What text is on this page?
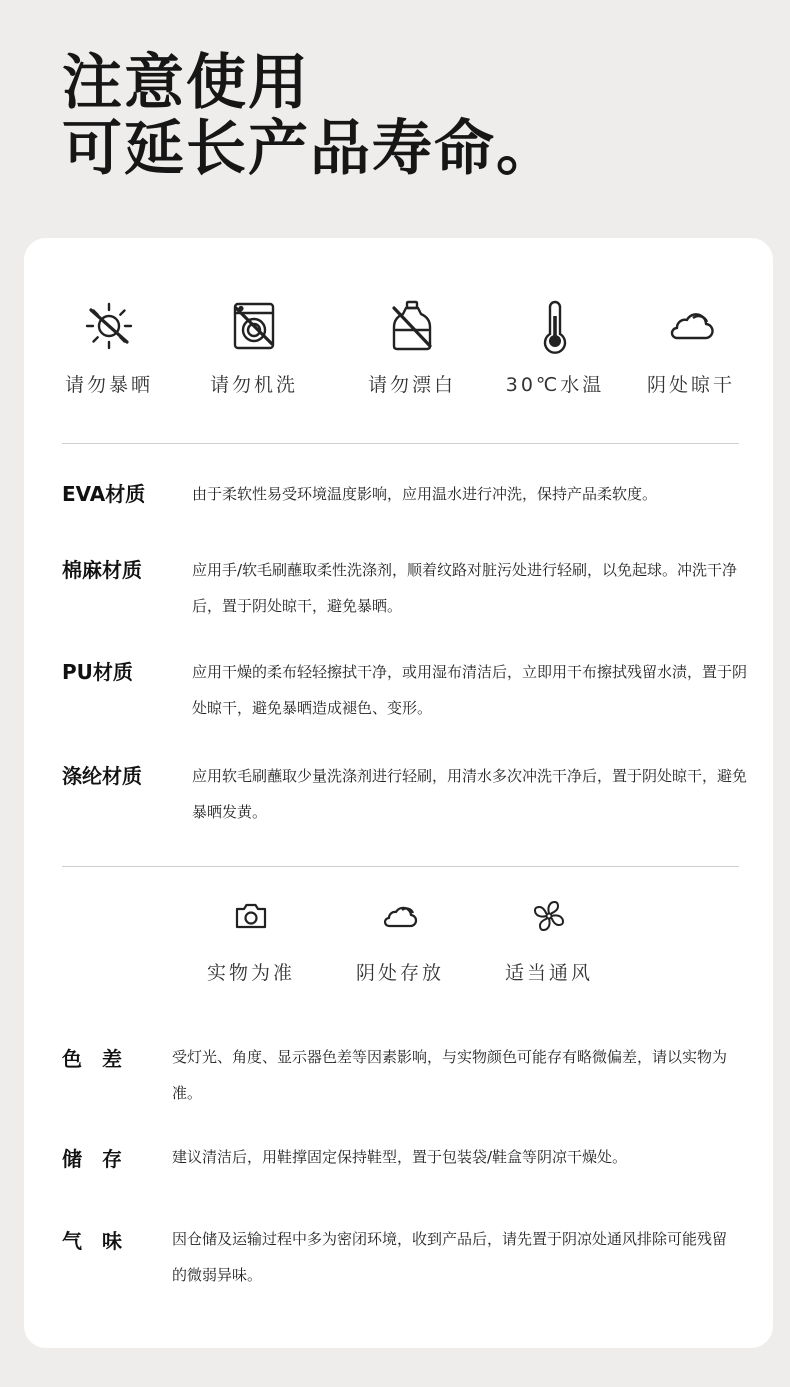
注意使用
可延长产品寿命。
请勿暴晒	请勿机洗	请勿漂白	30℃水温	阴处晾干
EVA材质	由于柔软性易受环境温度影响，应用温水进行冲洗，保持产品柔软度。
棉麻材质	应用手/软毛刷蘸取柔性洗涤剂，顺着纹路对脏污处进行轻刷，以免起球。冲洗干净后，置于阴处晾干，避免暴晒。
PU材质	应用干燥的柔布轻轻擦拭干净，或用湿布清洁后，立即用干布擦拭残留水渍，置于阴处晾干，避免暴晒造成褪色、变形。
涤纶材质	应用软毛刷蘸取少量洗涤剂进行轻刷，用清水多次冲洗干净后，置于阴处晾干，避免暴晒发黄。
实物为准	阴处存放	适当通风
色差 受灯光、角度、显示器色差等因素影响，与实物颜色可能存有略微偏差，请以实物为准。
储存 建议清洁后，用鞋撑固定保持鞋型，置于包装袋/鞋盒等阴凉干燥处。
气味 因仓储及运输过程中多为密闭环境，收到产品后，请先置于阴凉处通风排除可能残留的微弱异味。
